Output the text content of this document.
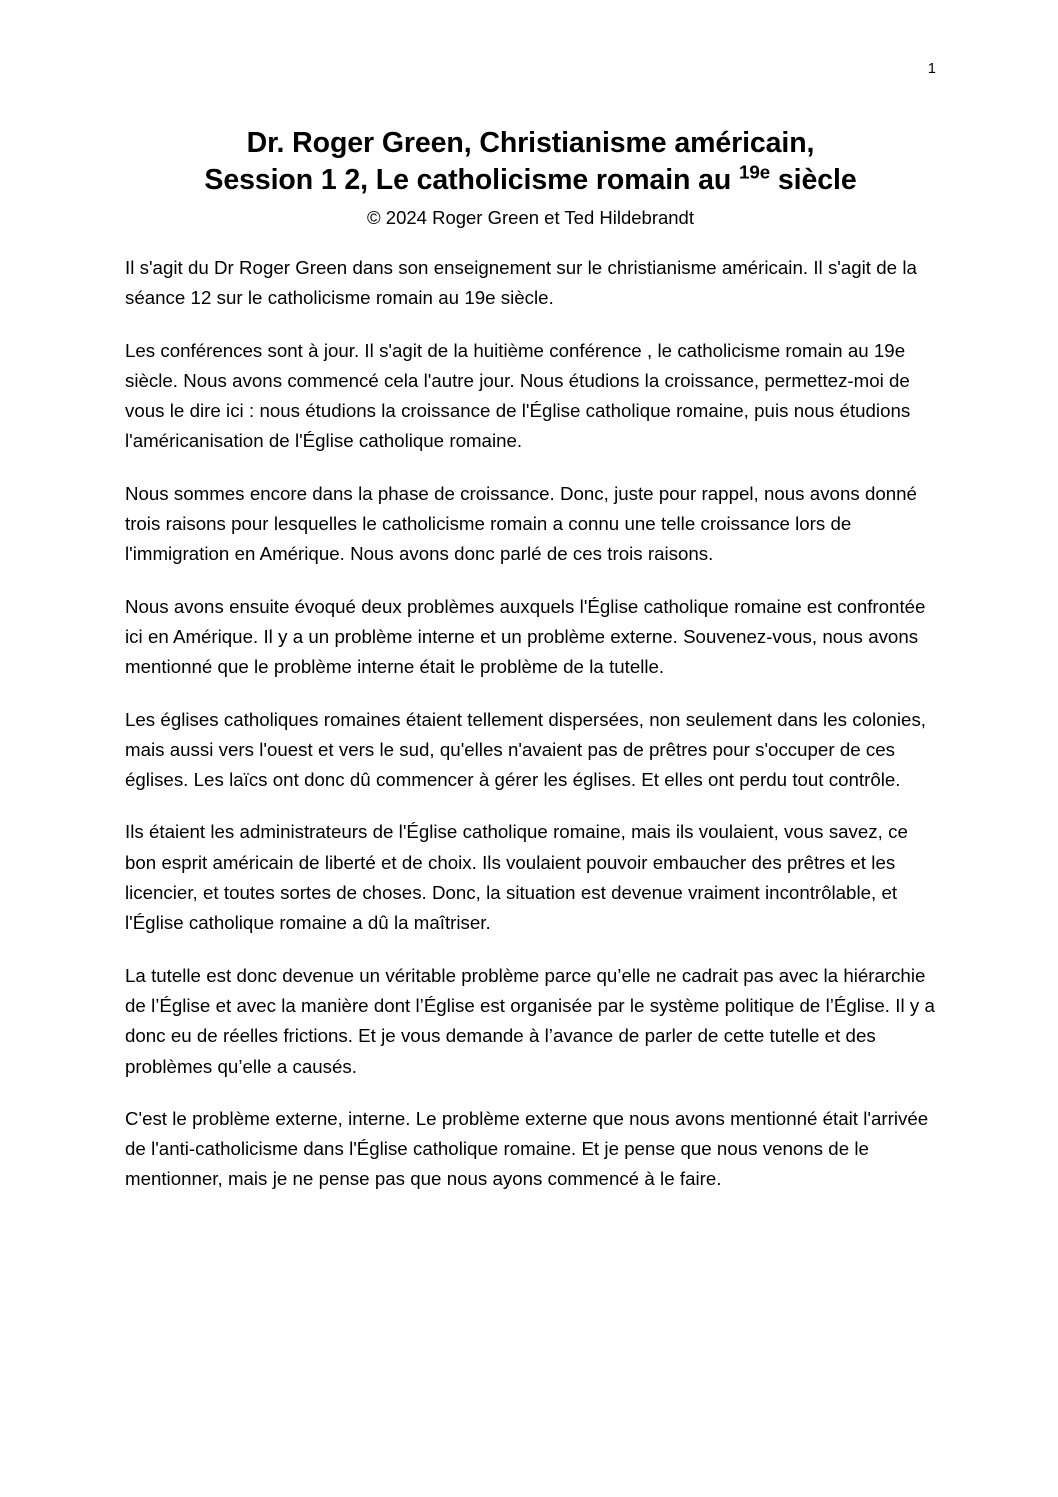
1
Dr. Roger Green, Christianisme américain,
Session 1 2, Le catholicisme romain au $^{19e}$ siècle
© 2024 Roger Green et Ted Hildebrandt

Il s'agit du Dr Roger Green dans son enseignement sur le christianisme américain. Il s'agit de la séance 12 sur le catholicisme romain au 19e siècle.

Les conférences sont à jour. Il s'agit de la huitième conférence , le catholicisme romain au 19e siècle. Nous avons commencé cela l'autre jour. Nous étudions la croissance, permettez-moi de vous le dire ici : nous étudions la croissance de l'Église catholique romaine, puis nous étudions l'américanisation de l'Église catholique romaine.

Nous sommes encore dans la phase de croissance. Donc, juste pour rappel, nous avons donné trois raisons pour lesquelles le catholicisme romain a connu une telle croissance lors de l'immigration en Amérique. Nous avons donc parlé de ces trois raisons.

Nous avons ensuite évoqué deux problèmes auxquels l'Église catholique romaine est confrontée ici en Amérique. Il y a un problème interne et un problème externe. Souvenez-vous, nous avons mentionné que le problème interne était le problème de la tutelle.

Les églises catholiques romaines étaient tellement dispersées, non seulement dans les colonies, mais aussi vers l'ouest et vers le sud, qu'elles n'avaient pas de prêtres pour s'occuper de ces églises. Les laïcs ont donc dû commencer à gérer les églises. Et elles ont perdu tout contrôle.

Ils étaient les administrateurs de l'Église catholique romaine, mais ils voulaient, vous savez, ce bon esprit américain de liberté et de choix. Ils voulaient pouvoir embaucher des prêtres et les licencier, et toutes sortes de choses. Donc, la situation est devenue vraiment incontrôlable, et l'Église catholique romaine a dû la maîtriser.

La tutelle est donc devenue un véritable problème parce qu’elle ne cadrait pas avec la hiérarchie de l’Église et avec la manière dont l’Église est organisée par le système politique de l’Église. Il y a donc eu de réelles frictions. Et je vous demande à l’avance de parler de cette tutelle et des problèmes qu’elle a causés.

C'est le problème externe, interne. Le problème externe que nous avons mentionné était l'arrivée de l'anti-catholicisme dans l'Église catholique romaine. Et je pense que nous venons de le mentionner, mais je ne pense pas que nous ayons commencé à le faire.
